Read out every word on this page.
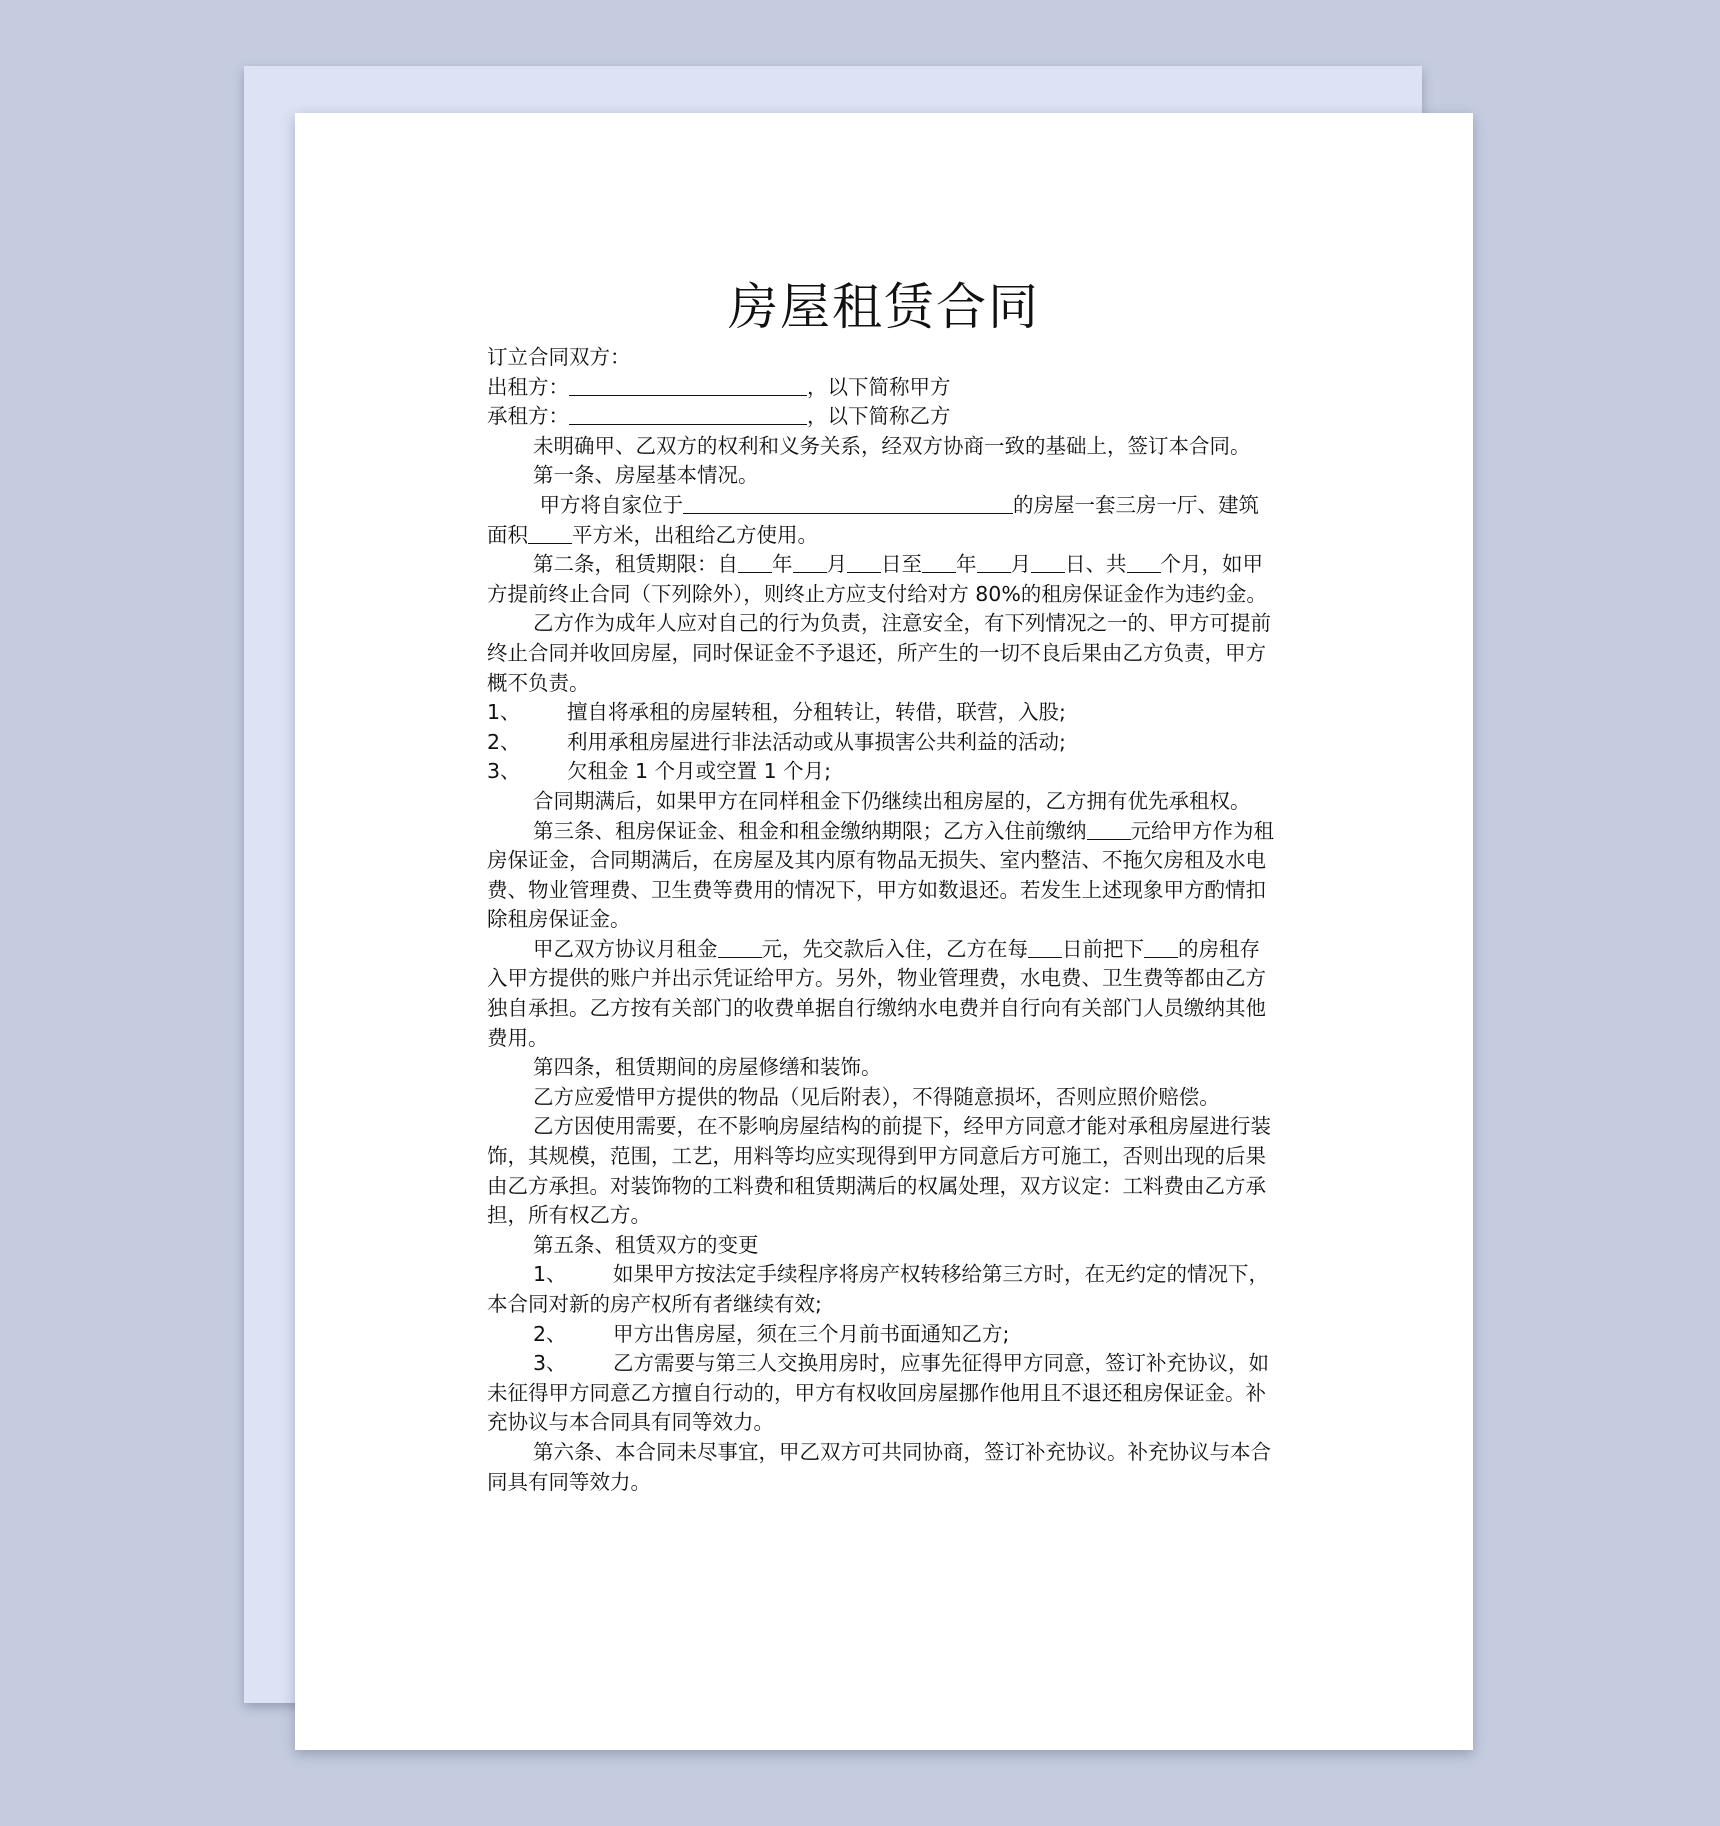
房屋租赁合同

订立合同双方：

出租方：	，以下简称甲方

承租方：	，以下简称乙方

未明确甲、乙双方的权利和义务关系，经双方协商一致的基础上，签订本合同。

第一条、房屋基本情况。

甲方将自家位于	的房屋一套三房一厅、建筑面积 平方米，出租给乙方使用。

第二条，租赁期限：自 年 月 日至 年 月 日、共 个月，如甲方提前终止合同（下列除外），则终止方应支付给对方 80%的租房保证金作为违约金。

乙方作为成年人应对自己的行为负责，注意安全，有下列情况之一的、甲方可提前终止合同并收回房屋，同时保证金不予退还，所产生的一切不良后果由乙方负责，甲方概不负责。

1、 擅自将承租的房屋转租，分租转让，转借，联营，入股;

2、 利用承租房屋进行非法活动或从事损害公共利益的活动;

3、 欠租金 1 个月或空置 1 个月;

合同期满后，如果甲方在同样租金下仍继续出租房屋的，乙方拥有优先承租权。

第三条、租房保证金、租金和租金缴纳期限；乙方入住前缴纳 元给甲方作为租房保证金，合同期满后，在房屋及其内原有物品无损失、室内整洁、不拖欠房租及水电费、物业管理费、卫生费等费用的情况下，甲方如数退还。若发生上述现象甲方酌情扣除租房保证金。

甲乙双方协议月租金 元，先交款后入住，乙方在每 日前把下 的房租存入甲方提供的账户并出示凭证给甲方。另外，物业管理费，水电费、卫生费等都由乙方独自承担。乙方按有关部门的收费单据自行缴纳水电费并自行向有关部门人员缴纳其他费用。

第四条，租赁期间的房屋修缮和装饰。

乙方应爱惜甲方提供的物品（见后附表），不得随意损坏，否则应照价赔偿。

乙方因使用需要，在不影响房屋结构的前提下，经甲方同意才能对承租房屋进行装饰，其规模，范围，工艺，用料等均应实现得到甲方同意后方可施工，否则出现的后果由乙方承担。对装饰物的工料费和租赁期满后的权属处理，双方议定：工料费由乙方承担，所有权乙方。

第五条、租赁双方的变更

1、 如果甲方按法定手续程序将房产权转移给第三方时，在无约定的情况下，本合同对新的房产权所有者继续有效;

2、 甲方出售房屋，须在三个月前书面通知乙方;

3、 乙方需要与第三人交换用房时，应事先征得甲方同意，签订补充协议，如未征得甲方同意乙方擅自行动的，甲方有权收回房屋挪作他用且不退还租房保证金。补充协议与本合同具有同等效力。

第六条、本合同未尽事宜，甲乙双方可共同协商，签订补充协议。补充协议与本合同具有同等效力。
